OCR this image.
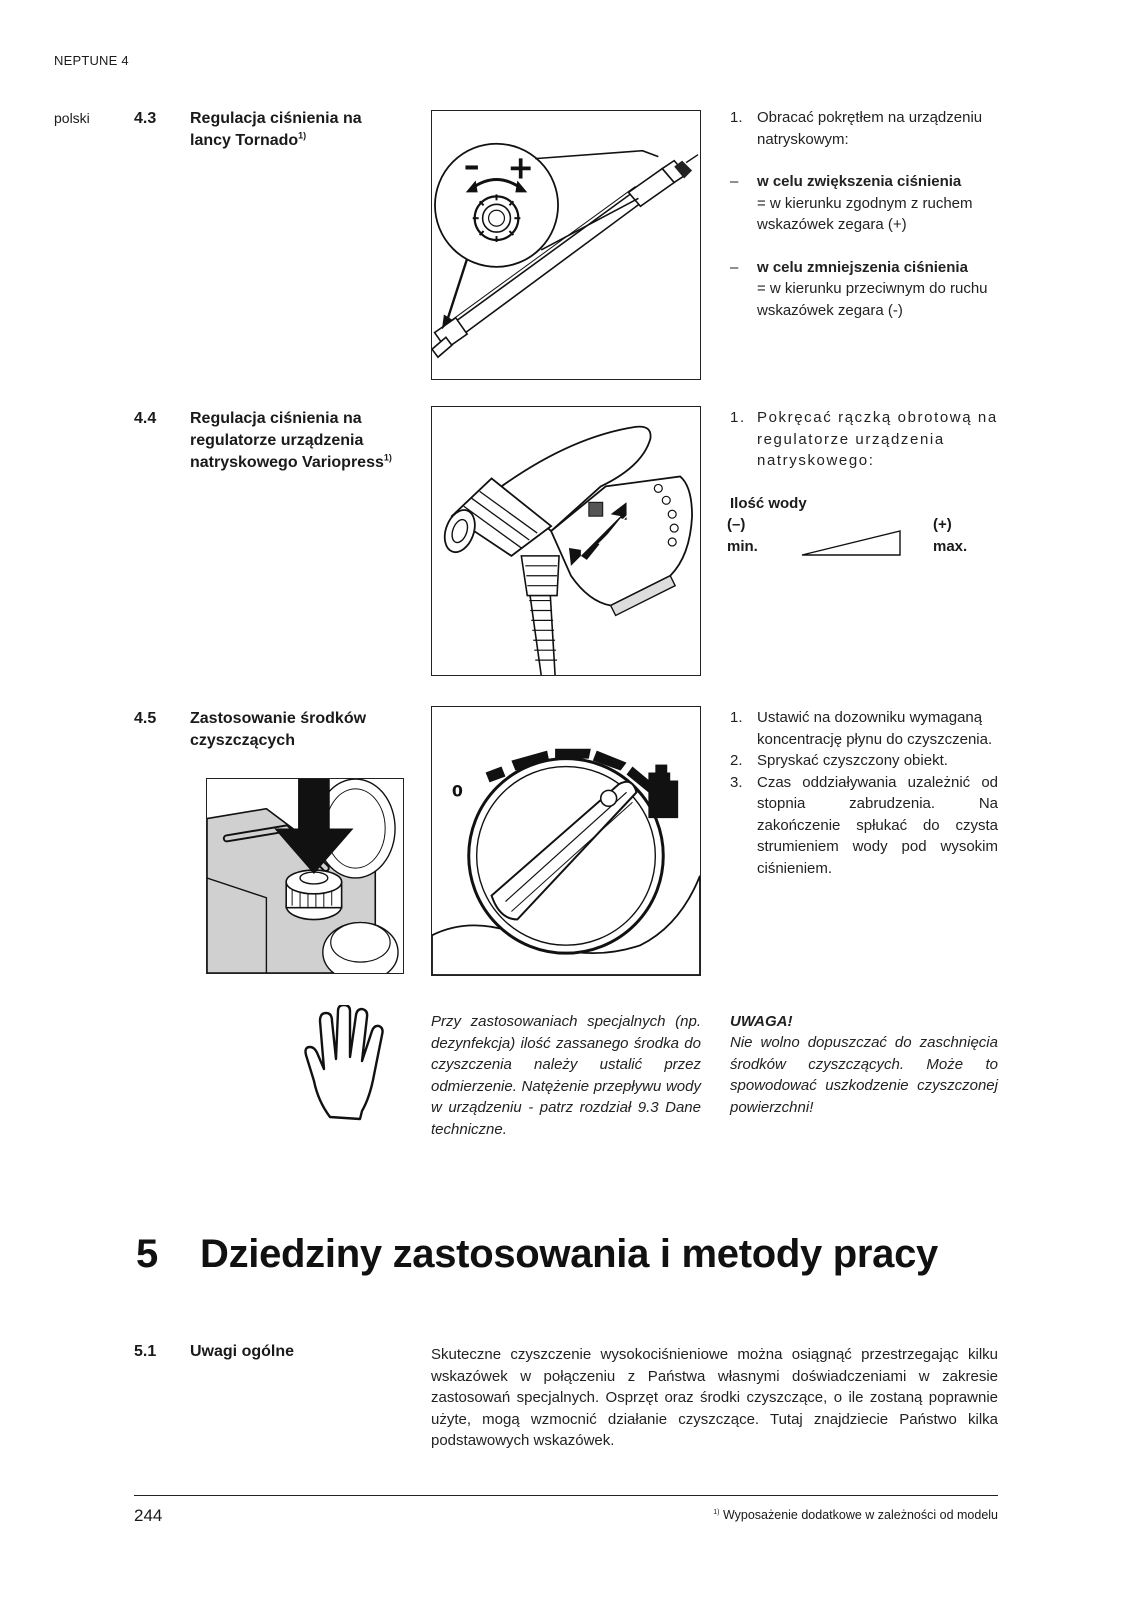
NEPTUNE 4
polski	4.3 Regulacja ciśnienia na lancy Tornado$^{1)}$
– +
1. Obracać pokrętłem na urządzeniu natryskowym:
– w celu zwiększenia ciśnienia
= w kierunku zgodnym z ruchem wskazówek zegara (+)
– w celu zmniejszenia ciśnienia
= w kierunku przeciwnym do ruchu wskazówek zegara (-)
4.4 Regulacja ciśnienia na regulatorze urządzenia natryskowego Variopress$^{1)}$
1. Pokręcać rączką obrotową na regulatorze urządzenia natryskowego:
Ilość wody
(–)	(+)
min.	max.
4.5 Zastosowanie środków czyszczących
0
1. Ustawić na dozowniku wymaganą koncentrację płynu do czyszczenia.
2. Spryskać czyszczony obiekt.
3. Czas oddziaływania uzależnić od stopnia zabrudzenia. Na zakończenie spłukać do czysta strumieniem wody pod wysokim ciśnieniem.
Przy zastosowaniach specjalnych (np. dezynfekcja) ilość zassanego środka do czyszczenia należy ustalić przez odmierzenie. Natężenie przepływu wody w urządzeniu - patrz rozdział 9.3 Dane techniczne.
UWAGA!
Nie wolno dopuszczać do zaschnięcia środków czyszczących. Może to spowodować uszkodzenie czyszczonej powierzchni!
5 Dziedziny zastosowania i metody pracy
5.1 Uwagi ogólne	Skuteczne czyszczenie wysokociśnieniowe można osiągnąć przestrzegając kilku wskazówek w połączeniu z Państwa własnymi doświadczeniami w zakresie zastosowań specjalnych. Osprzęt oraz środki czyszczące, o ile zostaną poprawnie użyte, mogą wzmocnić działanie czyszczące. Tutaj znajdziecie Państwo kilka podstawowych wskazówek.
244	$^{1)}$ Wyposażenie dodatkowe w zależności od modelu
